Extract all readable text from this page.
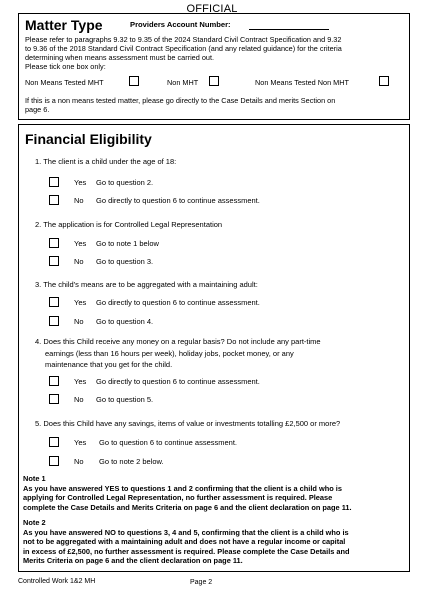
OFFICIAL
Matter Type	Providers Account Number:
Please refer to paragraphs 9.32 to 9.35 of the 2024 Standard Civil Contract Specification and 9.32
to 9.36 of the 2018 Standard Civil Contract Specification (and any related guidance) for the criteria
determining when means assessment must be carried out.
Please tick one box only:
Non Means Tested MHT	Non MHT	Non Means Tested Non MHT
If this is a non means tested matter, please go directly to the Case Details and merits Section on
page 6.
Financial Eligibility
1. The client is a child under the age of 18:
Yes Go to question 2.
No Go directly to question 6 to continue assessment.
2. The application is for Controlled Legal Representation
Yes Go to note 1 below
No Go to question 3.
3. The child’s means are to be aggregated with a maintaining adult:
Yes Go directly to question 6 to continue assessment.
No Go to question 4.
4. Does this Child receive any money on a regular basis? Do not include any part-time
earnings (less than 16 hours per week), holiday jobs, pocket money, or any
maintenance that you get for the child.
Yes Go directly to question 6 to continue assessment.
No Go to question 5.
5. Does this Child have any savings, items of value or investments totalling £2,500 or more?
Yes Go to question 6 to continue assessment.
No Go to note 2 below.
Note 1
As you have answered YES to questions 1 and 2 confirming that the client is a child who is
applying for Controlled Legal Representation, no further assessment is required. Please
complete the Case Details and Merits Criteria on page 6 and the client declaration on page 11.
Note 2
As you have answered NO to questions 3, 4 and 5, confirming that the client is a child who is
not to be aggregated with a maintaining adult and does not have a regular income or capital
in excess of £2,500, no further assessment is required. Please complete the Case Details and
Merits Criteria on page 6 and the client declaration on page 11.
Controlled Work 1&2 MH	Page 2
